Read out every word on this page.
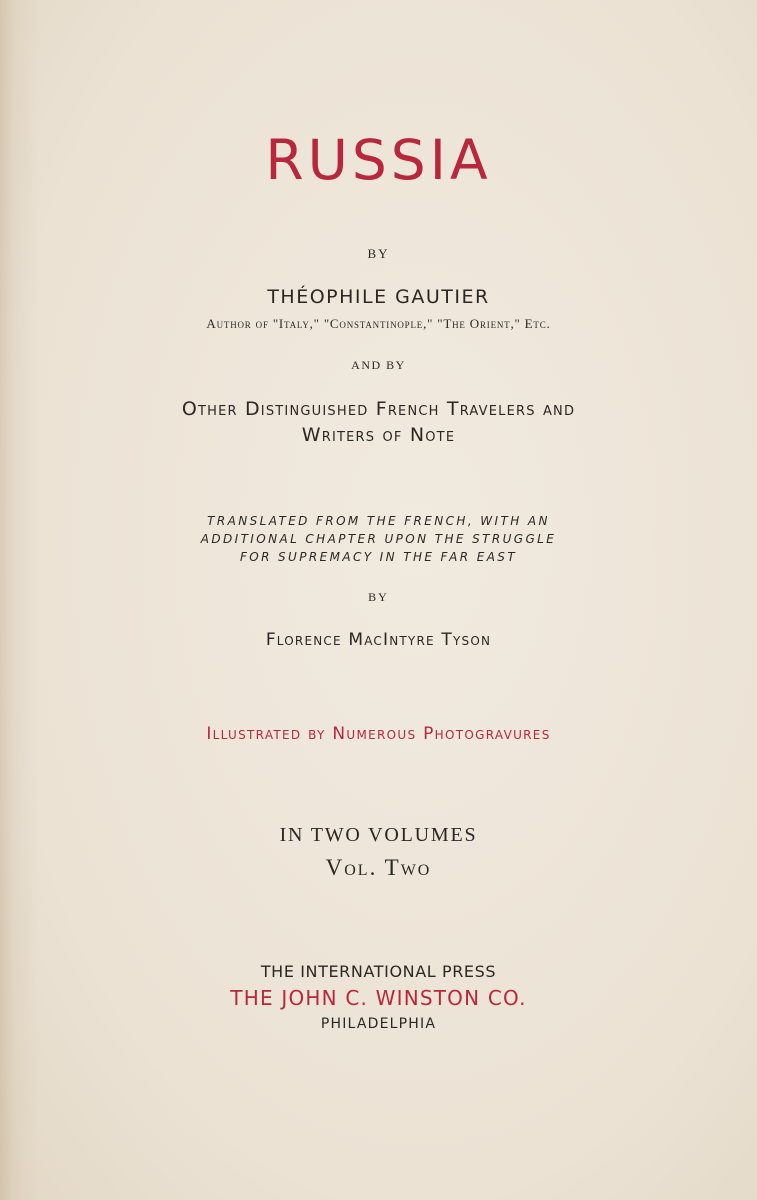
RUSSIA
BY
THÉOPHILE GAUTIER
Author of "Italy," "Constantinople," "The Orient," Etc.
AND BY
Other Distinguished French Travelers and
Writers of Note
TRANSLATED FROM THE FRENCH, WITH AN
ADDITIONAL CHAPTER UPON THE STRUGGLE
FOR SUPREMACY IN THE FAR EAST
BY
Florence MacIntyre Tyson
Illustrated by Numerous Photogravures
IN TWO VOLUMES
Vol. Two
THE INTERNATIONAL PRESS
THE JOHN C. WINSTON CO.
PHILADELPHIA
